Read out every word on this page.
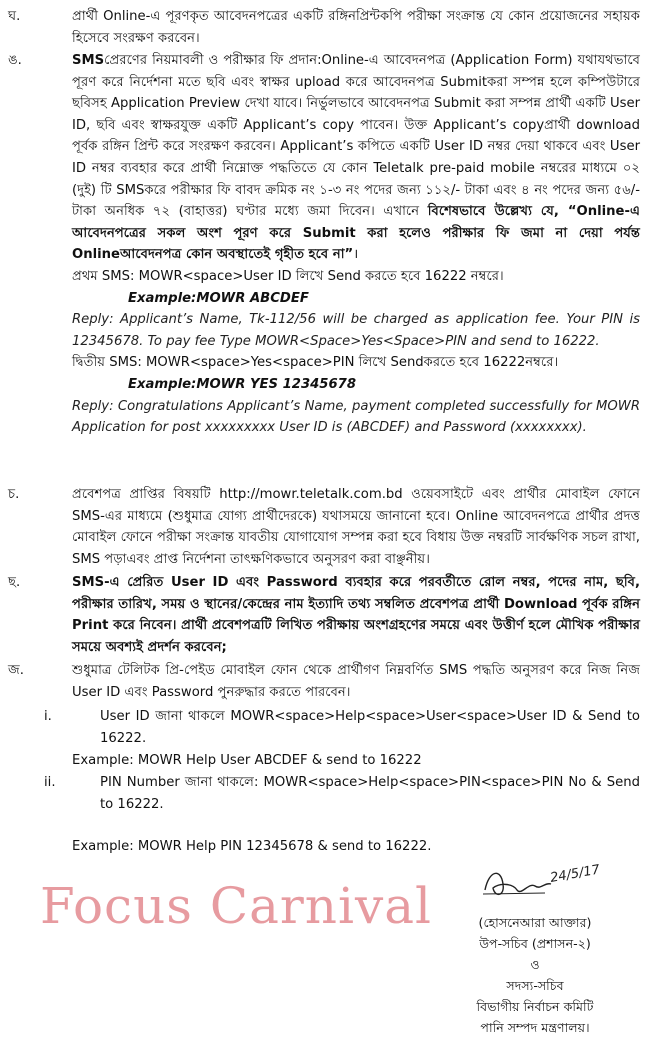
ঘ.	প্রার্থী Online-এ পূরণকৃত আবেদনপত্রের একটি রঙ্গিনপ্রিন্টকপি পরীক্ষা সংক্রান্ত যে কোন প্রয়োজনের সহায়ক হিসেবে সংরক্ষণ করবেন।
ঙ.	SMSপ্রেরণের নিয়মাবলী ও পরীক্ষার ফি প্রদান:Online-এ আবেদনপত্র (Application Form) যথাযথভাবে পূরণ করে নির্দেশনা মতে ছবি এবং স্বাক্ষর upload করে আবেদনপত্র Submitকরা সম্পন্ন হলে কম্পিউটারে ছবিসহ Application Preview দেখা যাবে। নির্ভুলভাবে আবেদনপত্র Submit করা সম্পন্ন প্রার্থী একটি User ID, ছবি এবং স্বাক্ষরযুক্ত একটি Applicant’s copy পাবেন। উক্ত Applicant’s copyপ্রার্থী download পূর্বক রঙ্গিন প্রিন্ট করে সংরক্ষণ করবেন। Applicant’s কপিতে একটি User ID নম্বর দেয়া থাকবে এবং User ID নম্বর ব্যবহার করে প্রার্থী নিম্নোক্ত পদ্ধতিতে যে কোন Teletalk pre-paid mobile নম্বরের মাধ্যমে ০২ (দুই) টি SMSকরে পরীক্ষার ফি বাবদ ক্রমিক নং ১-৩ নং পদের জন্য ১১২/- টাকা এবং ৪ নং পদের জন্য ৫৬/- টাকা অনধিক ৭২ (বাহাত্তর) ঘণ্টার মধ্যে জমা দিবেন। এখানে বিশেষভাবে উল্লেখ্য যে, “Online-এ আবেদনপত্রের সকল অংশ পূরণ করে Submit করা হলেও পরীক্ষার ফি জমা না দেয়া পর্যন্ত Onlineআবেদনপত্র কোন অবস্থাতেই গৃহীত হবে না”।

প্রথম SMS: MOWR<space>User ID লিখে Send করতে হবে 16222 নম্বরে।

Example:MOWR ABCDEF

Reply: Applicant’s Name, Tk-112/56 will be charged as application fee. Your PIN is 12345678. To pay fee Type MOWR<Space>Yes<Space>PIN and send to 16222.

দ্বিতীয় SMS: MOWR<space>Yes<space>PIN লিখে Sendকরতে হবে 16222নম্বরে।

Example:MOWR YES 12345678

Reply: Congratulations Applicant’s Name, payment completed successfully for MOWR Application for post xxxxxxxxx User ID is (ABCDEF) and Password (xxxxxxxx).

চ.	প্রবেশপত্র প্রাপ্তির বিষয়টি http://mowr.teletalk.com.bd ওয়েবসাইটে এবং প্রার্থীর মোবাইল ফোনে SMS-এর মাধ্যমে (শুধুমাত্র যোগ্য প্রার্থীদেরকে) যথাসময়ে জানানো হবে। Online আবেদনপত্রে প্রার্থীর প্রদত্ত মোবাইল ফোনে পরীক্ষা সংক্রান্ত যাবতীয় যোগাযোগ সম্পন্ন করা হবে বিধায় উক্ত নম্বরটি সার্বক্ষণিক সচল রাখা, SMS পড়াএবং প্রাপ্ত নির্দেশনা তাৎক্ষণিকভাবে অনুসরণ করা বাঞ্ছনীয়।
ছ.	SMS-এ প্রেরিত User ID এবং Password ব্যবহার করে পরবর্তীতে রোল নম্বর, পদের নাম, ছবি, পরীক্ষার তারিখ, সময় ও স্থানের/কেন্দ্রের নাম ইত্যাদি তথ্য সম্বলিত প্রবেশপত্র প্রার্থী Download পূর্বক রঙ্গিন Print করে নিবেন। প্রার্থী প্রবেশপত্রটি লিখিত পরীক্ষায় অংশগ্রহণের সময়ে এবং উত্তীর্ণ হলে মৌখিক পরীক্ষার সময়ে অবশ্যই প্রদর্শন করবেন;
জ.	শুধুমাত্র টেলিটক প্রি-পেইড মোবাইল ফোন থেকে প্রার্থীগণ নিম্নবর্ণিত SMS পদ্ধতি অনুসরণ করে নিজ নিজ User ID এবং Password পুনরুদ্ধার করতে পারবেন।
i.	User ID জানা থাকলে MOWR<space>Help<space>User<space>User ID & Send to 16222.
Example: MOWR Help User ABCDEF & send to 16222
ii.	PIN Number জানা থাকলে: MOWR<space>Help<space>PIN<space>PIN No & Send to 16222.
Example: MOWR Help PIN 12345678 & send to 16222.
Focus Carnival
24/5/17
(হোসনেআরা আক্তার)
উপ-সচিব (প্রশাসন-২)
ও
সদস্য-সচিব
বিভাগীয় নির্বাচন কমিটি
পানি সম্পদ মন্ত্রণালয়।
